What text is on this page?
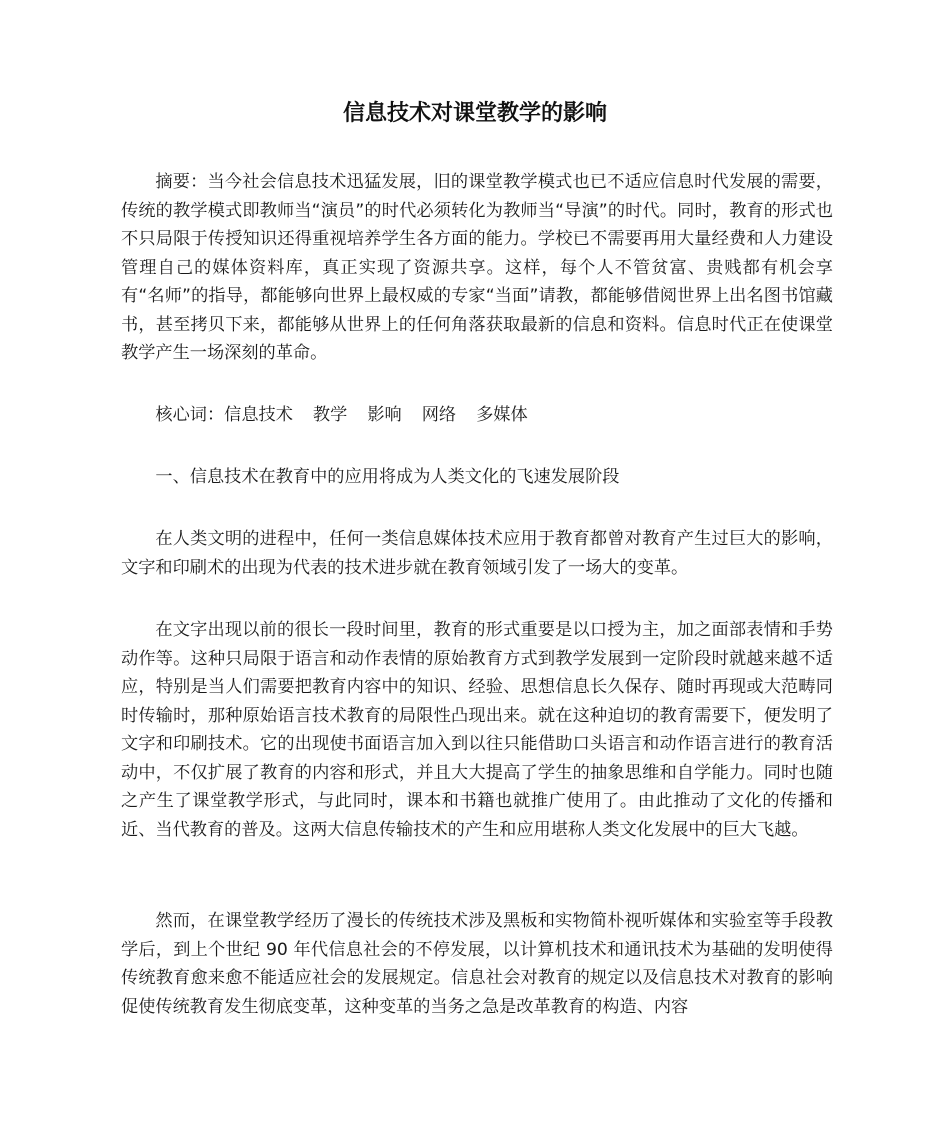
信息技术对课堂教学的影响

摘要：当今社会信息技术迅猛发展，旧的课堂教学模式也已不适应信息时代发展的需要，传统的教学模式即教师当“演员”的时代必须转化为教师当“导演”的时代。同时，教育的形式也不只局限于传授知识还得重视培养学生各方面的能力。学校已不需要再用大量经费和人力建设管理自己的媒体资料库，真正实现了资源共享。这样，每个人不管贫富、贵贱都有机会享有“名师”的指导，都能够向世界上最权威的专家“当面”请教，都能够借阅世界上出名图书馆藏书，甚至拷贝下来，都能够从世界上的任何角落获取最新的信息和资料。信息时代正在使课堂教学产生一场深刻的革命。

核心词：信息技术 教学 影响 网络 多媒体

一、信息技术在教育中的应用将成为人类文化的飞速发展阶段

在人类文明的进程中，任何一类信息媒体技术应用于教育都曾对教育产生过巨大的影响，文字和印刷术的出现为代表的技术进步就在教育领域引发了一场大的变革。

在文字出现以前的很长一段时间里，教育的形式重要是以口授为主，加之面部表情和手势动作等。这种只局限于语言和动作表情的原始教育方式到教学发展到一定阶段时就越来越不适应，特别是当人们需要把教育内容中的知识、经验、思想信息长久保存、随时再现或大范畴同时传输时，那种原始语言技术教育的局限性凸现出来。就在这种迫切的教育需要下，便发明了文字和印刷技术。它的出现使书面语言加入到以往只能借助口头语言和动作语言进行的教育活动中，不仅扩展了教育的内容和形式，并且大大提高了学生的抽象思维和自学能力。同时也随之产生了课堂教学形式，与此同时，课本和书籍也就推广使用了。由此推动了文化的传播和近、当代教育的普及。这两大信息传输技术的产生和应用堪称人类文化发展中的巨大飞越。

然而，在课堂教学经历了漫长的传统技术涉及黑板和实物简朴视听媒体和实验室等手段教学后，到上个世纪 90 年代信息社会的不停发展，以计算机技术和通讯技术为基础的发明使得传统教育愈来愈不能适应社会的发展规定。信息社会对教育的规定以及信息技术对教育的影响促使传统教育发生彻底变革，这种变革的当务之急是改革教育的构造、内容
